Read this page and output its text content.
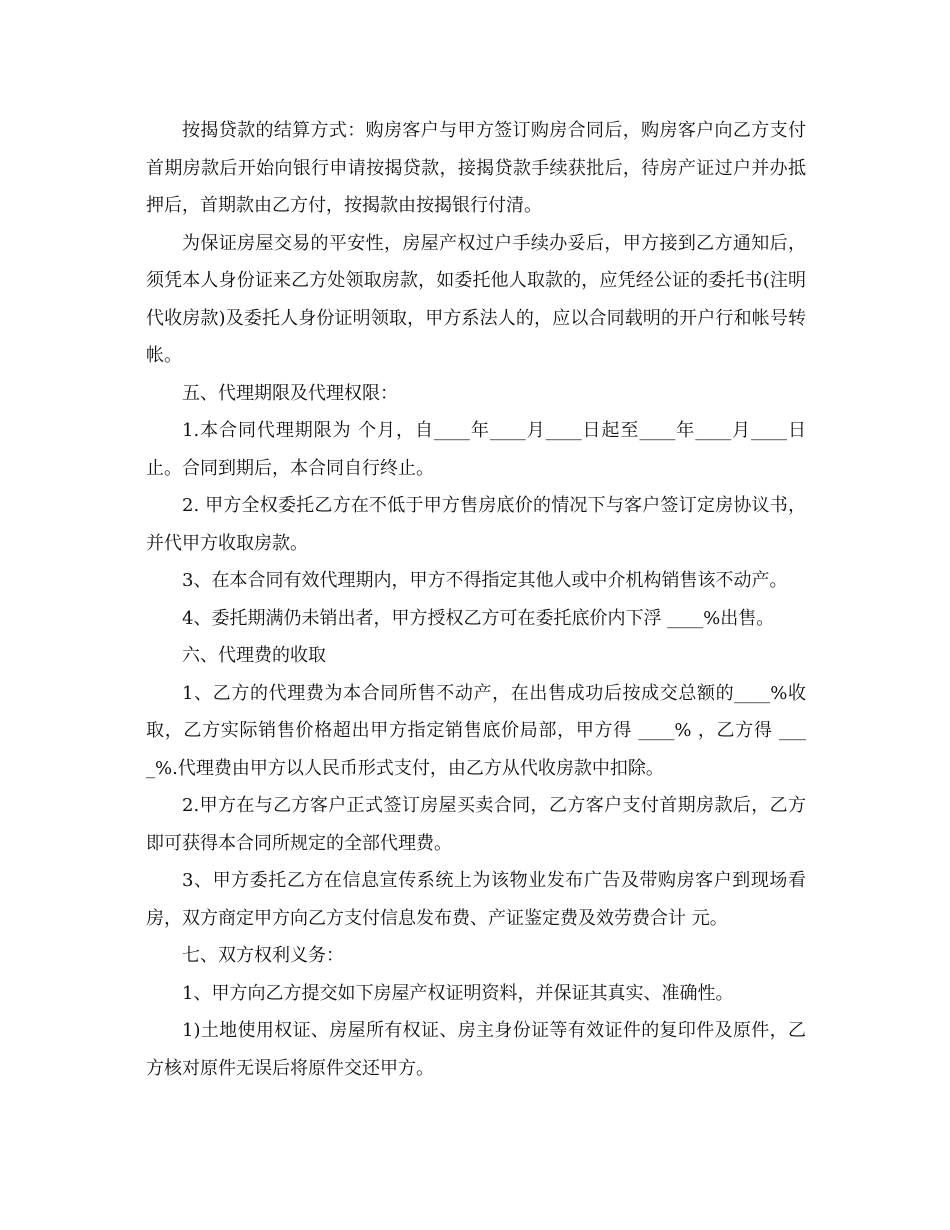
按揭贷款的结算方式：购房客户与甲方签订购房合同后，购房客户向乙方支付首期房款后开始向银行申请按揭贷款，接揭贷款手续获批后，待房产证过户并办抵押后，首期款由乙方付，按揭款由按揭银行付清。

为保证房屋交易的平安性，房屋产权过户手续办妥后，甲方接到乙方通知后，须凭本人身份证来乙方处领取房款，如委托他人取款的，应凭经公证的委托书(注明代收房款)及委托人身份证明领取，甲方系法人的，应以合同载明的开户行和帐号转帐。

五、代理期限及代理权限：

1.本合同代理期限为 个月，自____年____月____日起至____年____月____日止。合同到期后，本合同自行终止。

2. 甲方全权委托乙方在不低于甲方售房底价的情况下与客户签订定房协议书，并代甲方收取房款。

3、在本合同有效代理期内，甲方不得指定其他人或中介机构销售该不动产。

4、委托期满仍未销出者，甲方授权乙方可在委托底价内下浮 ____%出售。

六、代理费的收取

1、乙方的代理费为本合同所售不动产，在出售成功后按成交总额的____%收取，乙方实际销售价格超出甲方指定销售底价局部，甲方得 ____% ，乙方得 ____%.代理费由甲方以人民币形式支付，由乙方从代收房款中扣除。

2.甲方在与乙方客户正式签订房屋买卖合同，乙方客户支付首期房款后，乙方即可获得本合同所规定的全部代理费。

3、甲方委托乙方在信息宣传系统上为该物业发布广告及带购房客户到现场看房，双方商定甲方向乙方支付信息发布费、产证鉴定费及效劳费合计 元。

七、双方权利义务：

1、甲方向乙方提交如下房屋产权证明资料，并保证其真实、准确性。

1)土地使用权证、房屋所有权证、房主身份证等有效证件的复印件及原件，乙方核对原件无误后将原件交还甲方。
